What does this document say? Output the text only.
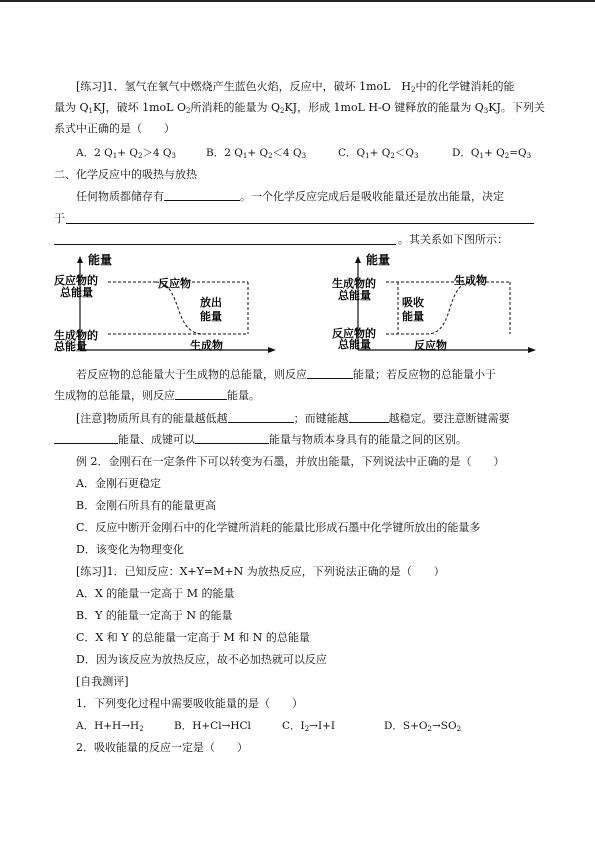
[练习]1．氢气在氧气中燃烧产生蓝色火焰，反应中，破坏 1moL　$H_2$中的化学键消耗的能
量为 $Q_1KJ$，破坏 1moL $O_2$所消耗的能量为 $Q_2KJ$，形成 1moL H-O 键释放的能量为 $Q_3KJ$。下列关
系式中正确的是（　　）
A．2 $Q_1+ Q_2>4$ $Q_3$	B．2 $Q_1+ Q_2<4$ $Q_3$	C．$Q_1+ Q_2<Q_3$	D．$Q_1+ Q_2=Q_3$
二、化学反应中的吸热与放热
任何物质都储存有	。一个化学反应完成后是吸收能量还是放出能量，决定
于
。其关系如下图所示：
能量
反应物的
总能量
生成物的
总能量
反应物
放出
能量
生成物
能量
生成物的
总能量
反应物的
总能量
生成物
吸收
能量
反应物
若反应物的总能量大于生成物的总能量，则反应	能量；若反应物的总能量小于
生成物的总能量，则反应	能量。
[注意]物质所具有的能量越低越	；而键能越	越稳定。要注意断键需要
能量、成键可以	能量与物质本身具有的能量之间的区别。
例 2．金刚石在一定条件下可以转变为石墨，并放出能量，下列说法中正确的是（　　）
A．金刚石更稳定
B．金刚石所具有的能量更高
C．反应中断开金刚石中的化学键所消耗的能量比形成石墨中化学键所放出的能量多
D．该变化为物理变化
[练习]1．已知反应：X+Y=M+N 为放热反应，下列说法正确的是（　　）
A．X 的能量一定高于 M 的能量
B．Y 的能量一定高于 N 的能量
C．X 和 Y 的总能量一定高于 M 和 N 的总能量
D．因为该反应为放热反应，故不必加热就可以反应
[自我测评]
1．下列变化过程中需要吸收能量的是（　　）
A．$H+H\to H_2$	B．H+Cl→HCl	C．$I_2\to I+I$	D．$S+O_2\to SO_2$
2．吸收能量的反应一定是（　　）
